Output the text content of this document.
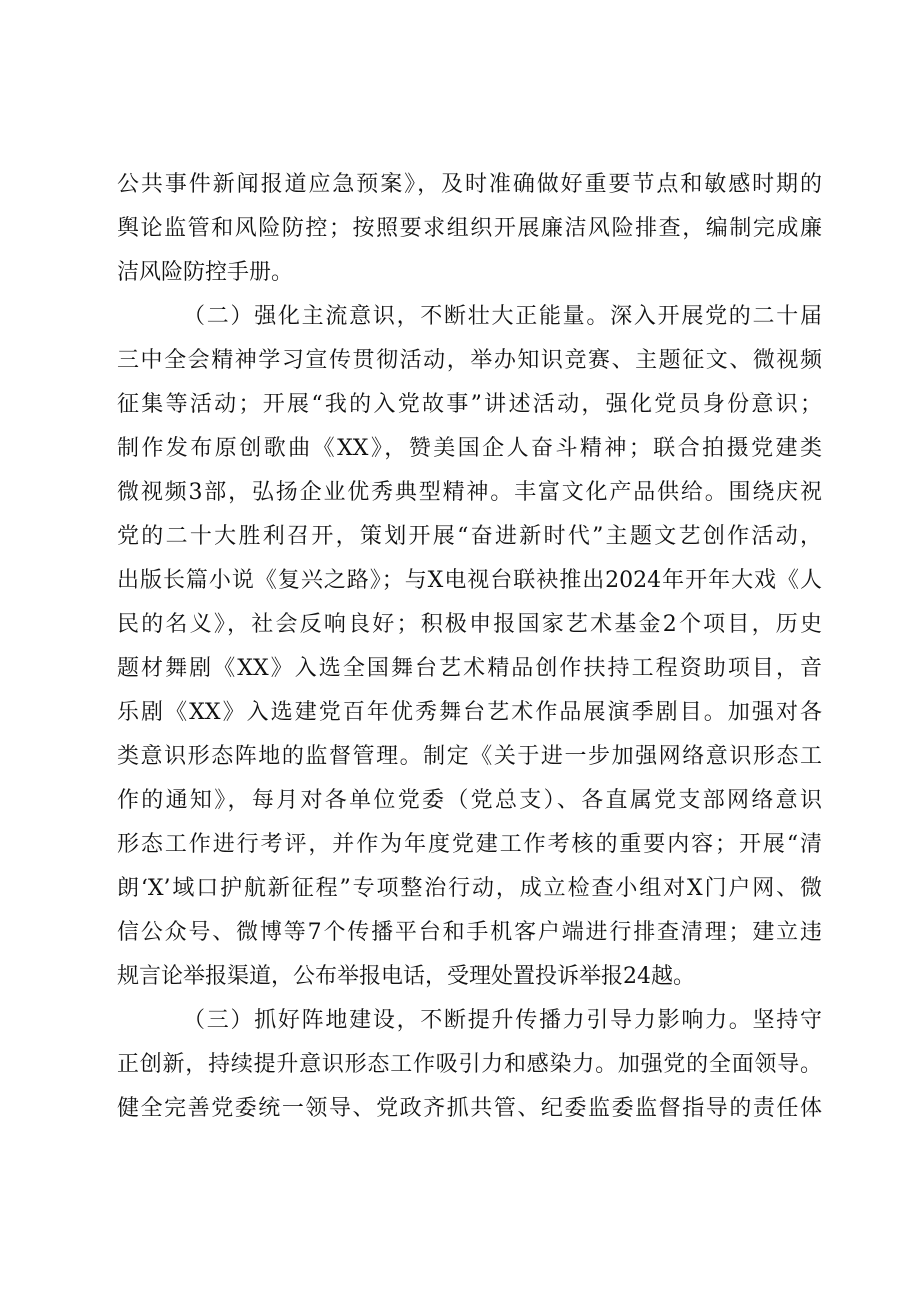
公共事件新闻报道应急预案》，及时准确做好重要节点和敏感时期的
舆论监管和风险防控；按照要求组织开展廉洁风险排查，编制完成廉
洁风险防控手册。
（二）强化主流意识，不断壮大正能量。深入开展党的二十届
三中全会精神学习宣传贯彻活动，举办知识竞赛、主题征文、微视频
征集等活动；开展“我的入党故事”讲述活动，强化党员身份意识；
制作发布原创歌曲《XX》，赞美国企人奋斗精神；联合拍摄党建类
微视频3部，弘扬企业优秀典型精神。丰富文化产品供给。围绕庆祝
党的二十大胜利召开，策划开展“奋进新时代”主题文艺创作活动，
出版长篇小说《复兴之路》；与X电视台联袂推出2024年开年大戏《人
民的名义》，社会反响良好；积极申报国家艺术基金2个项目，历史
题材舞剧《XX》入选全国舞台艺术精品创作扶持工程资助项目，音
乐剧《XX》入选建党百年优秀舞台艺术作品展演季剧目。加强对各
类意识形态阵地的监督管理。制定《关于进一步加强网络意识形态工
作的通知》，每月对各单位党委（党总支）、各直属党支部网络意识
形态工作进行考评，并作为年度党建工作考核的重要内容；开展“清
朗‘X’域口护航新征程”专项整治行动，成立检查小组对X门户网、微
信公众号、微博等7个传播平台和手机客户端进行排查清理；建立违
规言论举报渠道，公布举报电话，受理处置投诉举报24越。
（三）抓好阵地建设，不断提升传播力引导力影响力。坚持守
正创新，持续提升意识形态工作吸引力和感染力。加强党的全面领导。
健全完善党委统一领导、党政齐抓共管、纪委监委监督指导的责任体
